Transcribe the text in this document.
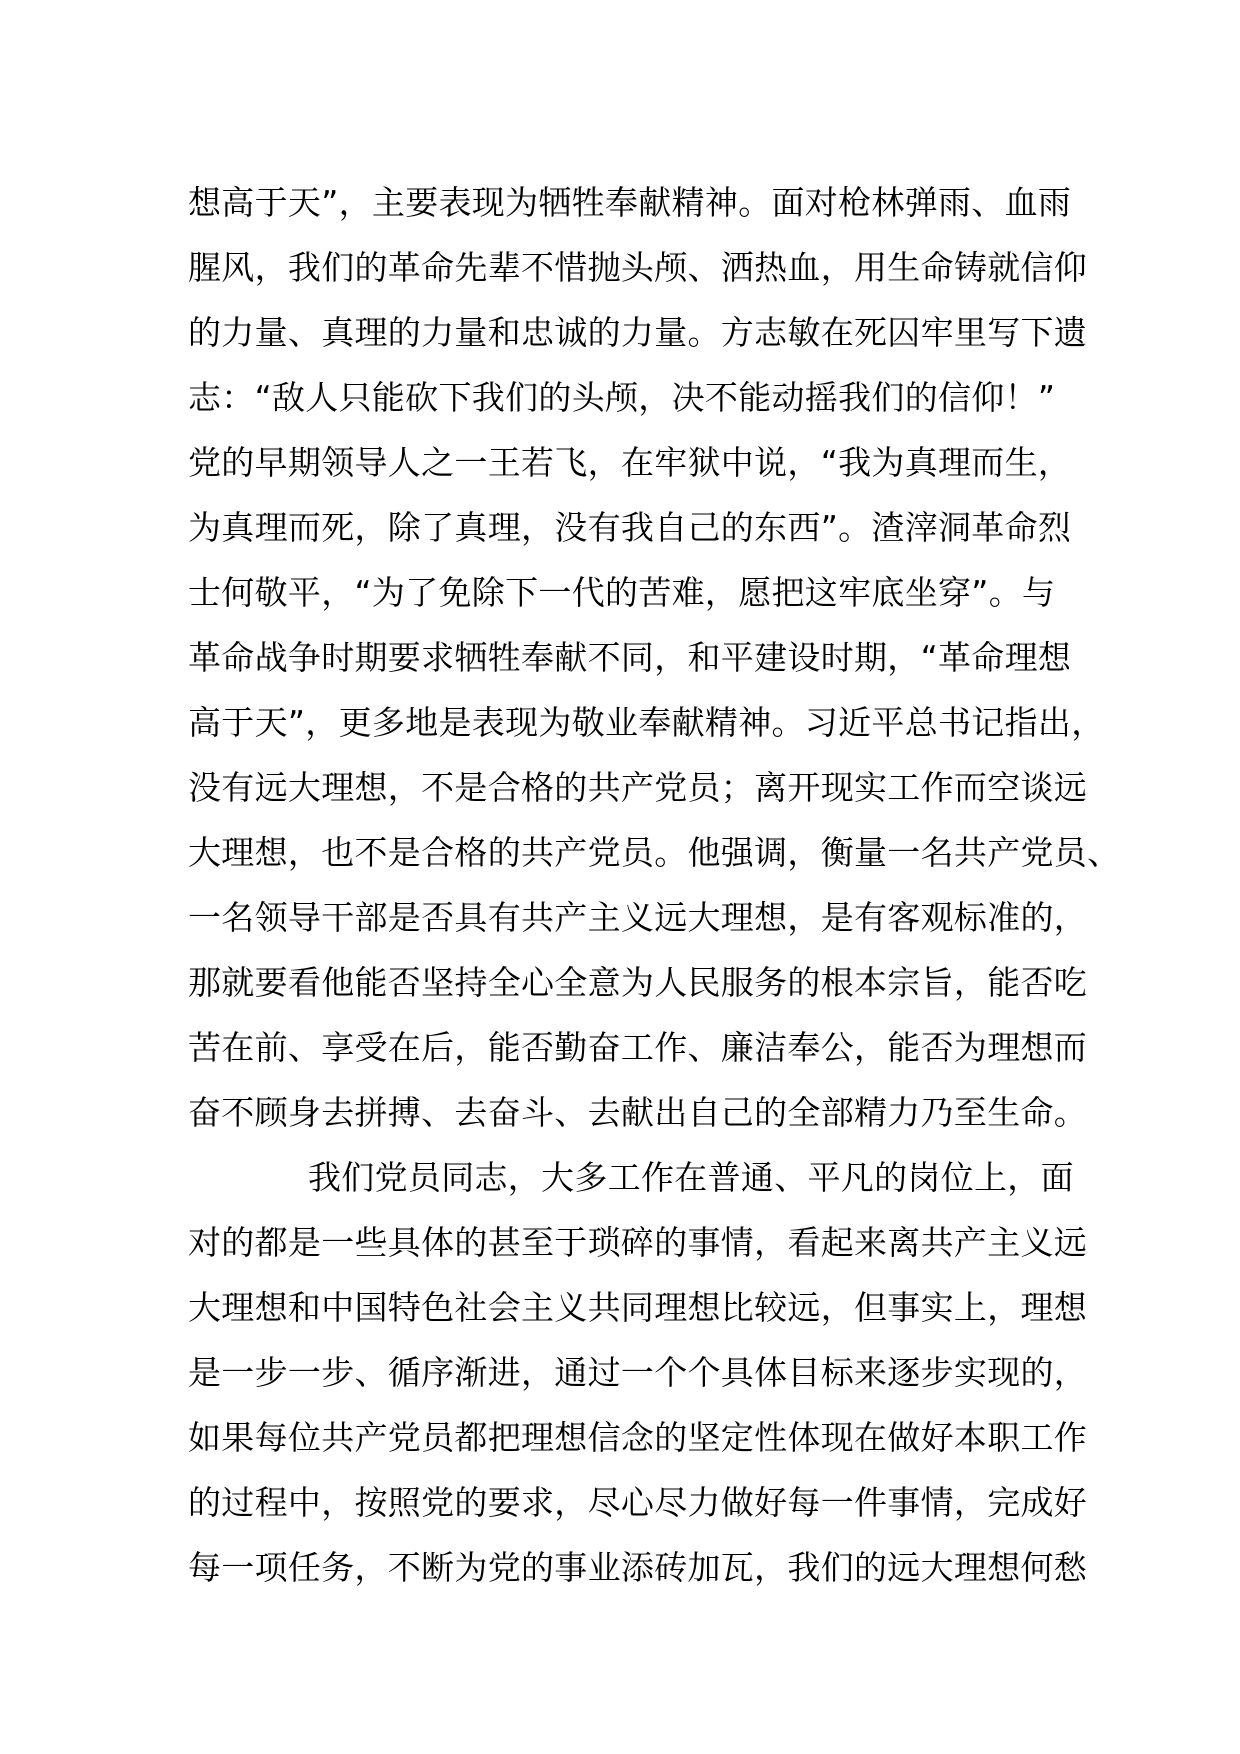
想高于天”，主要表现为牺牲奉献精神。面对枪林弹雨、血雨
腥风，我们的革命先辈不惜抛头颅、洒热血，用生命铸就信仰
的力量、真理的力量和忠诚的力量。方志敏在死囚牢里写下遗
志：“敌人只能砍下我们的头颅，决不能动摇我们的信仰！”
党的早期领导人之一王若飞，在牢狱中说，“我为真理而生，
为真理而死，除了真理，没有我自己的东西”。渣滓洞革命烈
士何敬平，“为了免除下一代的苦难，愿把这牢底坐穿”。与
革命战争时期要求牺牲奉献不同，和平建设时期，“革命理想
高于天”，更多地是表现为敬业奉献精神。习近平总书记指出，
没有远大理想，不是合格的共产党员；离开现实工作而空谈远
大理想，也不是合格的共产党员。他强调，衡量一名共产党员、
一名领导干部是否具有共产主义远大理想，是有客观标准的，
那就要看他能否坚持全心全意为人民服务的根本宗旨，能否吃
苦在前、享受在后，能否勤奋工作、廉洁奉公，能否为理想而
奋不顾身去拼搏、去奋斗、去献出自己的全部精力乃至生命。
我们党员同志，大多工作在普通、平凡的岗位上，面
对的都是一些具体的甚至于琐碎的事情，看起来离共产主义远
大理想和中国特色社会主义共同理想比较远，但事实上，理想
是一步一步、循序渐进，通过一个个具体目标来逐步实现的，
如果每位共产党员都把理想信念的坚定性体现在做好本职工作
的过程中，按照党的要求，尽心尽力做好每一件事情，完成好
每一项任务，不断为党的事业添砖加瓦，我们的远大理想何愁
